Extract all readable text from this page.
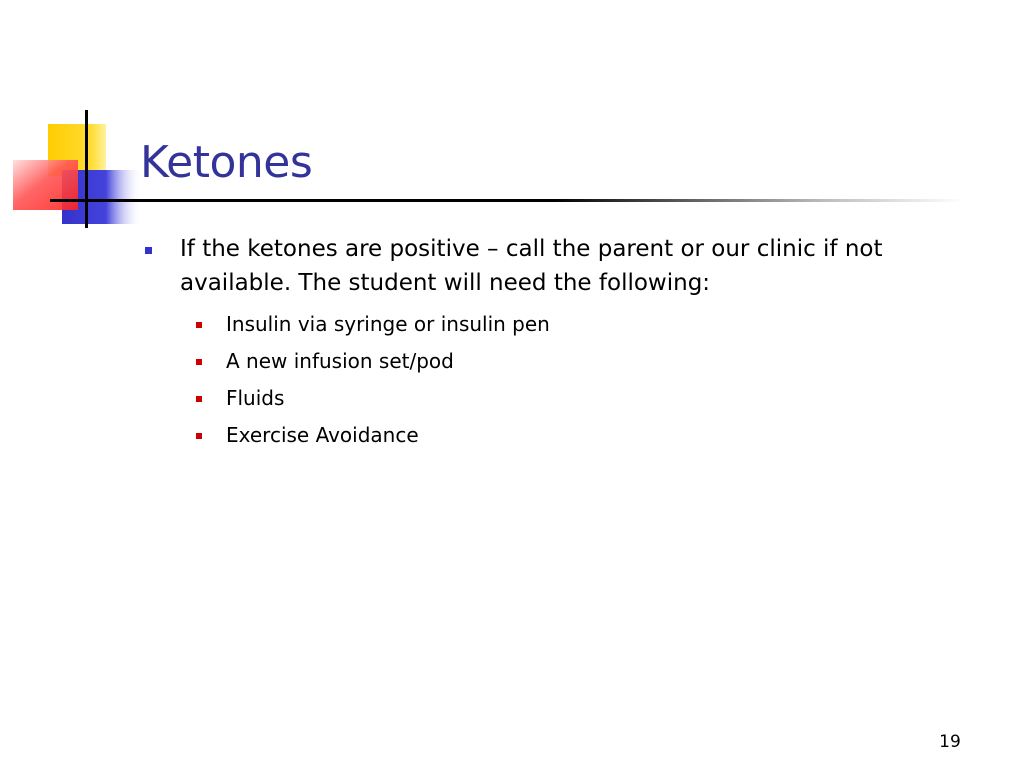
Ketones
If the ketones are positive – call the parent or our clinic if not available. The student will need the following:
Insulin via syringe or insulin pen
A new infusion set/pod
Fluids
Exercise Avoidance
19
